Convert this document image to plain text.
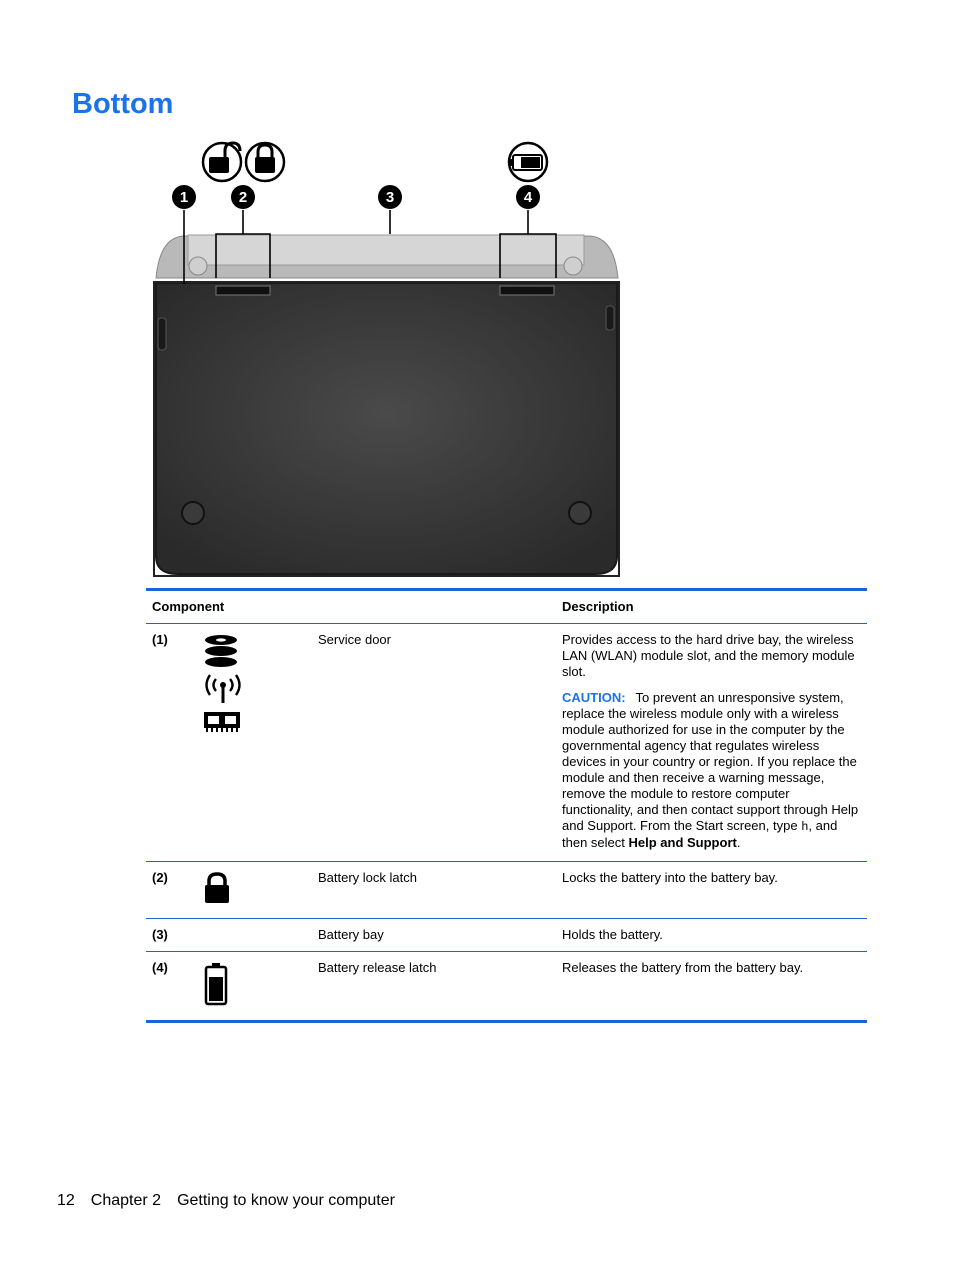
Bottom
1	2	3	4
Component			Description
(1)		Service door	Provides access to the hard drive bay, the wireless LAN (WLAN) module slot, and the memory module slot.

CAUTION: To prevent an unresponsive system, replace the wireless module only with a wireless module authorized for use in the computer by the governmental agency that regulates wireless devices in your country or region. If you replace the module and then receive a warning message, remove the module to restore computer functionality, and then contact support through Help and Support. From the Start screen, type h, and then select Help and Support.

(2)		Battery lock latch	Locks the battery into the battery bay.
(3)		Battery bay	Holds the battery.
(4)		Battery release latch	Releases the battery from the battery bay.
12 Chapter 2 Getting to know your computer
